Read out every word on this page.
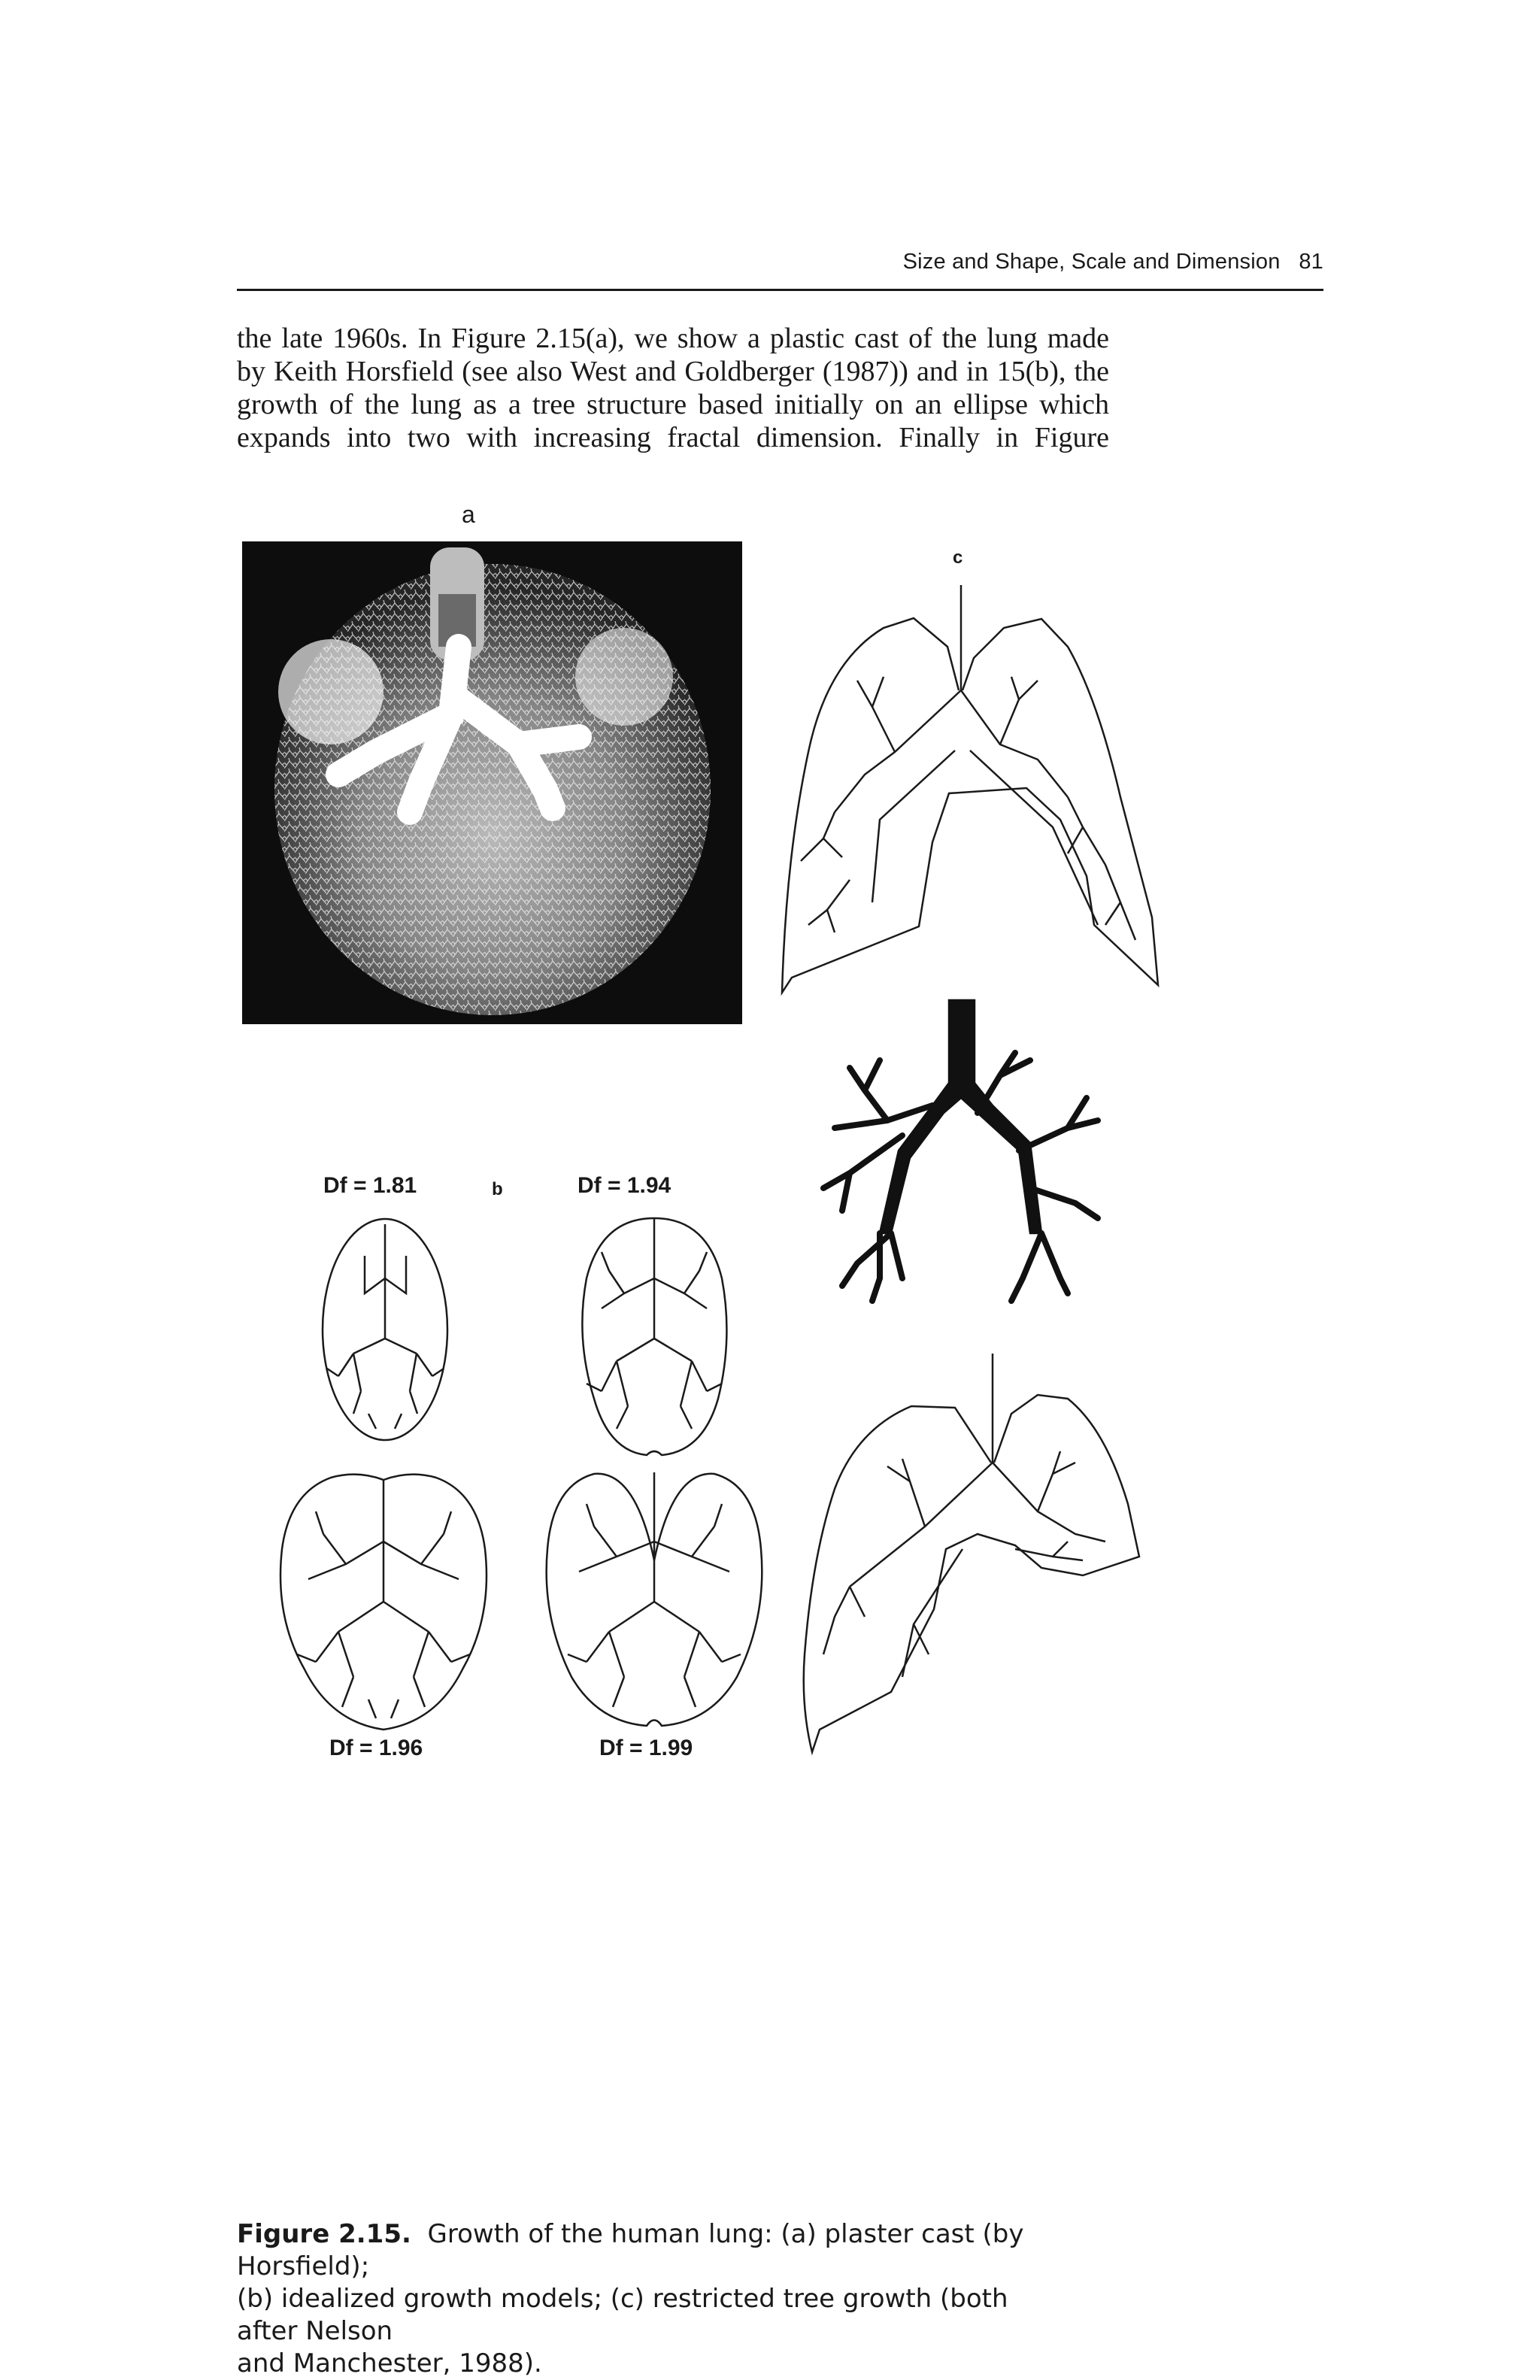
Size and Shape, Scale and Dimension 81
the late 1960s. In Figure 2.15(a), we show a plastic cast of the lung made
by Keith Horsfield (see also West and Goldberger (1987)) and in 15(b), the
growth of the lung as a tree structure based initially on an ellipse which
expands into two with increasing fractal dimension. Finally in Figure
a
c
b
Df = 1.81	Df = 1.94
Df = 1.96	Df = 1.99
Figure 2.15. Growth of the human lung: (a) plaster cast (by Horsfield);
(b) idealized growth models; (c) restricted tree growth (both after Nelson
and Manchester, 1988).
